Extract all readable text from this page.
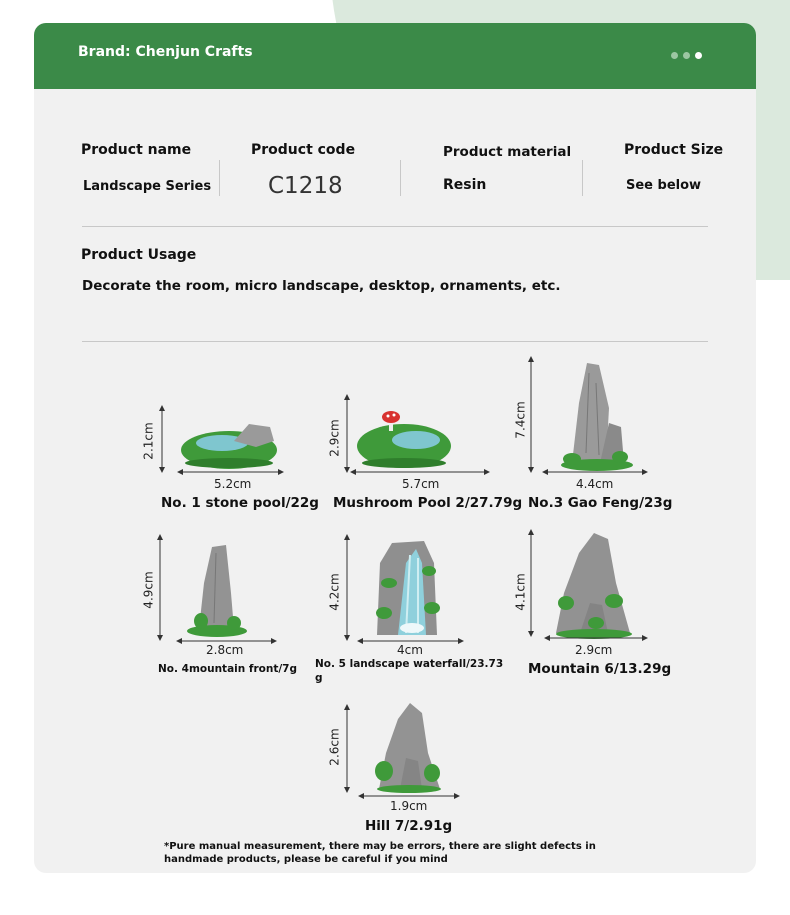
Brand: Chenjun Crafts
Product name
Landscape Series
Product code
C1218
Product material
Resin
Product Size
See below
Product Usage
Decorate the room, micro landscape, desktop, ornaments, etc.
2.1cm
5.2cm
No. 1 stone pool/22g
2.9cm
5.7cm
Mushroom Pool 2/27.79g
7.4cm
4.4cm
No.3 Gao Feng/23g
4.9cm
2.8cm
No. 4mountain front/7g
4.2cm
4cm
No. 5 landscape waterfall/23.73 g
4.1cm
2.9cm
Mountain 6/13.29g
2.6cm
1.9cm
Hill 7/2.91g
*Pure manual measurement, there may be errors, there are slight defects in handmade products, please be careful if you mind
